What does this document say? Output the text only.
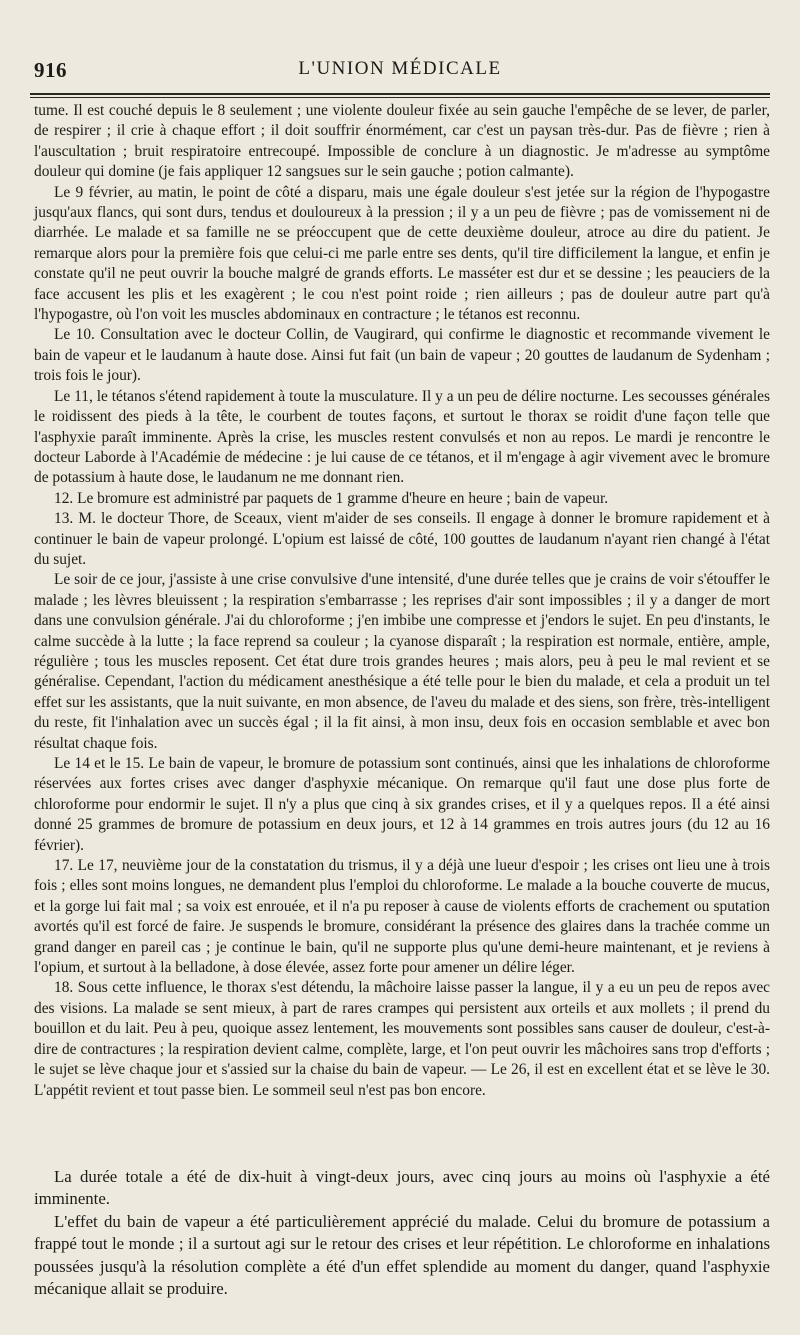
916	L'UNION MÉDICALE

tume. Il est couché depuis le 8 seulement ; une violente douleur fixée au sein gauche l'empêche de se lever, de parler, de respirer ; il crie à chaque effort ; il doit souffrir énormément, car c'est un paysan très-dur. Pas de fièvre ; rien à l'auscultation ; bruit respiratoire entrecoupé. Impossible de conclure à un diagnostic. Je m'adresse au symptôme douleur qui domine (je fais appliquer 12 sangsues sur le sein gauche ; potion calmante).

Le 9 février, au matin, le point de côté a disparu, mais une égale douleur s'est jetée sur la région de l'hypogastre jusqu'aux flancs, qui sont durs, tendus et douloureux à la pression ; il y a un peu de fièvre ; pas de vomissement ni de diarrhée. Le malade et sa famille ne se préoccupent que de cette deuxième douleur, atroce au dire du patient. Je remarque alors pour la première fois que celui-ci me parle entre ses dents, qu'il tire difficilement la langue, et enfin je constate qu'il ne peut ouvrir la bouche malgré de grands efforts. Le masséter est dur et se dessine ; les peauciers de la face accusent les plis et les exagèrent ; le cou n'est point roide ; rien ailleurs ; pas de douleur autre part qu'à l'hypogastre, où l'on voit les muscles abdominaux en contracture ; le tétanos est reconnu.

Le 10. Consultation avec le docteur Collin, de Vaugirard, qui confirme le diagnostic et recommande vivement le bain de vapeur et le laudanum à haute dose. Ainsi fut fait (un bain de vapeur ; 20 gouttes de laudanum de Sydenham ; trois fois le jour).

Le 11, le tétanos s'étend rapidement à toute la musculature. Il y a un peu de délire nocturne. Les secousses générales le roidissent des pieds à la tête, le courbent de toutes façons, et surtout le thorax se roidit d'une façon telle que l'asphyxie paraît imminente. Après la crise, les muscles restent convulsés et non au repos. Le mardi je rencontre le docteur Laborde à l'Académie de médecine : je lui cause de ce tétanos, et il m'engage à agir vivement avec le bromure de potassium à haute dose, le laudanum ne me donnant rien.

12. Le bromure est administré par paquets de 1 gramme d'heure en heure ; bain de vapeur.

13. M. le docteur Thore, de Sceaux, vient m'aider de ses conseils. Il engage à donner le bromure rapidement et à continuer le bain de vapeur prolongé. L'opium est laissé de côté, 100 gouttes de laudanum n'ayant rien changé à l'état du sujet.

Le soir de ce jour, j'assiste à une crise convulsive d'une intensité, d'une durée telles que je crains de voir s'étouffer le malade ; les lèvres bleuissent ; la respiration s'embarrasse ; les reprises d'air sont impossibles ; il y a danger de mort dans une convulsion générale. J'ai du chloroforme ; j'en imbibe une compresse et j'endors le sujet. En peu d'instants, le calme succède à la lutte ; la face reprend sa couleur ; la cyanose disparaît ; la respiration est normale, entière, ample, régulière ; tous les muscles reposent. Cet état dure trois grandes heures ; mais alors, peu à peu le mal revient et se généralise. Cependant, l'action du médicament anesthésique a été telle pour le bien du malade, et cela a produit un tel effet sur les assistants, que la nuit suivante, en mon absence, de l'aveu du malade et des siens, son frère, très-intelligent du reste, fit l'inhalation avec un succès égal ; il la fit ainsi, à mon insu, deux fois en occasion semblable et avec bon résultat chaque fois.

Le 14 et le 15. Le bain de vapeur, le bromure de potassium sont continués, ainsi que les inhalations de chloroforme réservées aux fortes crises avec danger d'asphyxie mécanique. On remarque qu'il faut une dose plus forte de chloroforme pour endormir le sujet. Il n'y a plus que cinq à six grandes crises, et il y a quelques repos. Il a été ainsi donné 25 grammes de bromure de potassium en deux jours, et 12 à 14 grammes en trois autres jours (du 12 au 16 février).

17. Le 17, neuvième jour de la constatation du trismus, il y a déjà une lueur d'espoir ; les crises ont lieu une à trois fois ; elles sont moins longues, ne demandent plus l'emploi du chloroforme. Le malade a la bouche couverte de mucus, et la gorge lui fait mal ; sa voix est enrouée, et il n'a pu reposer à cause de violents efforts de crachement ou sputation avortés qu'il est forcé de faire. Je suspends le bromure, considérant la présence des glaires dans la trachée comme un grand danger en pareil cas ; je continue le bain, qu'il ne supporte plus qu'une demi-heure maintenant, et je reviens à l'opium, et surtout à la belladone, à dose élevée, assez forte pour amener un délire léger.

18. Sous cette influence, le thorax s'est détendu, la mâchoire laisse passer la langue, il y a eu un peu de repos avec des visions. La malade se sent mieux, à part de rares crampes qui persistent aux orteils et aux mollets ; il prend du bouillon et du lait. Peu à peu, quoique assez lentement, les mouvements sont possibles sans causer de douleur, c'est-à-dire de contractures ; la respiration devient calme, complète, large, et l'on peut ouvrir les mâchoires sans trop d'efforts ; le sujet se lève chaque jour et s'assied sur la chaise du bain de vapeur. — Le 26, il est en excellent état et se lève le 30. L'appétit revient et tout passe bien. Le sommeil seul n'est pas bon encore.

La durée totale a été de dix-huit à vingt-deux jours, avec cinq jours au moins où l'asphyxie a été imminente.

L'effet du bain de vapeur a été particulièrement apprécié du malade. Celui du bromure de potassium a frappé tout le monde ; il a surtout agi sur le retour des crises et leur répétition. Le chloroforme en inhalations poussées jusqu'à la résolution complète a été d'un effet splendide au moment du danger, quand l'asphyxie mécanique allait se produire.
